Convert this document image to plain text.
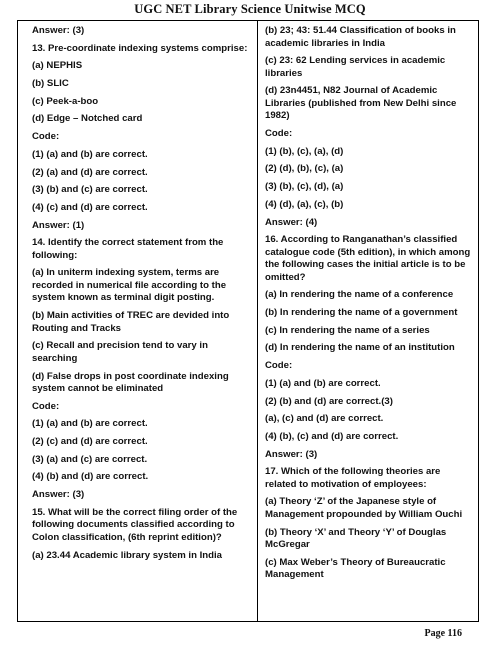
UGC NET Library Science Unitwise MCQ
Answer: (3)
13. Pre-coordinate indexing systems comprise:
(a) NEPHIS
(b) SLIC
(c) Peek-a-boo
(d) Edge – Notched card
Code:
(1) (a) and (b) are correct.
(2) (a) and (d) are correct.
(3) (b) and (c) are correct.
(4) (c) and (d) are correct.
Answer: (1)
14. Identify the correct statement from the following:
(a) In uniterm indexing system, terms are recorded in numerical file according to the system known as terminal digit posting.
(b) Main activities of TREC are devided into Routing and Tracks
(c) Recall and precision tend to vary in searching
(d) False drops in post coordinate indexing system cannot be eliminated
Code:
(1) (a) and (b) are correct.
(2) (c) and (d) are correct.
(3) (a) and (c) are correct.
(4) (b) and (d) are correct.
Answer: (3)
15. What will be the correct filing order of the following documents classified according to Colon classification, (6th reprint edition)?
(a) 23.44 Academic library system in India
(b) 23; 43: 51.44 Classification of books in academic libraries in India
(c) 23: 62 Lending services in academic libraries
(d) 23n4451, N82 Journal of Academic Libraries (published from New Delhi since 1982)
Code:
(1) (b), (c), (a), (d)
(2) (d), (b), (c), (a)
(3) (b), (c), (d), (a)
(4) (d), (a), (c), (b)
Answer: (4)
16. According to Ranganathan’s classified catalogue code (5th edition), in which among the following cases the initial article is to be omitted?
(a) In rendering the name of a conference
(b) In rendering the name of a government
(c) In rendering the name of a series
(d) In rendering the name of an institution
Code:
(1) (a) and (b) are correct.
(2) (b) and (d) are correct.(3)
(a), (c) and (d) are correct.
(4) (b), (c) and (d) are correct.
Answer: (3)
17. Which of the following theories are related to motivation of employees:
(a) Theory ‘Z’ of the Japanese style of Management propounded by William Ouchi
(b) Theory ‘X’ and Theory ‘Y’ of Douglas McGregar
(c) Max Weber’s Theory of Bureaucratic Management
Page 116
